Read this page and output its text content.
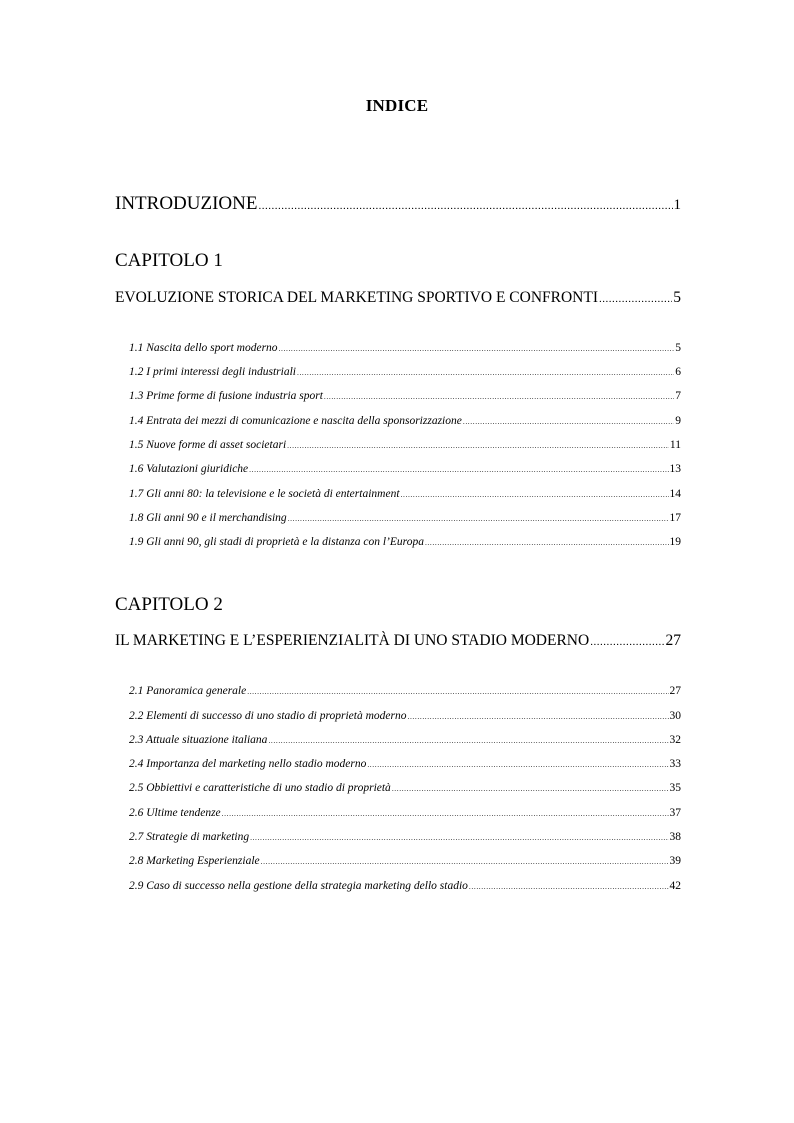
INDICE
INTRODUZIONE .....	1
CAPITOLO 1
EVOLUZIONE STORICA DEL MARKETING SPORTIVO E CONFRONTI .....	5
1.1 Nascita dello sport moderno .....	5
1.2 I primi interessi degli industriali .....	6
1.3 Prime forme di fusione industria sport .....	7
1.4 Entrata dei mezzi di comunicazione e nascita della sponsorizzazione .....	9
1.5 Nuove forme di asset societari .....	11
1.6 Valutazioni giuridiche .....	13
1.7 Gli anni 80: la televisione e le società di entertainment .....	14
1.8 Gli anni 90 e il merchandising .....	17
1.9 Gli anni 90, gli stadi di proprietà e la distanza con l’Europa .....	19
CAPITOLO 2
IL MARKETING E L’ESPERIENZIALITÀ DI UNO STADIO MODERNO .....	27
2.1 Panoramica generale .....	27
2.2 Elementi di successo di uno stadio di proprietà moderno .....	30
2.3 Attuale situazione italiana .....	32
2.4 Importanza del marketing nello stadio moderno .....	33
2.5 Obbiettivi e caratteristiche di uno stadio di proprietà .....	35
2.6 Ultime tendenze .....	37
2.7 Strategie di marketing .....	38
2.8 Marketing Esperienziale .....	39
2.9 Caso di successo nella gestione della strategia marketing dello stadio .....	42
